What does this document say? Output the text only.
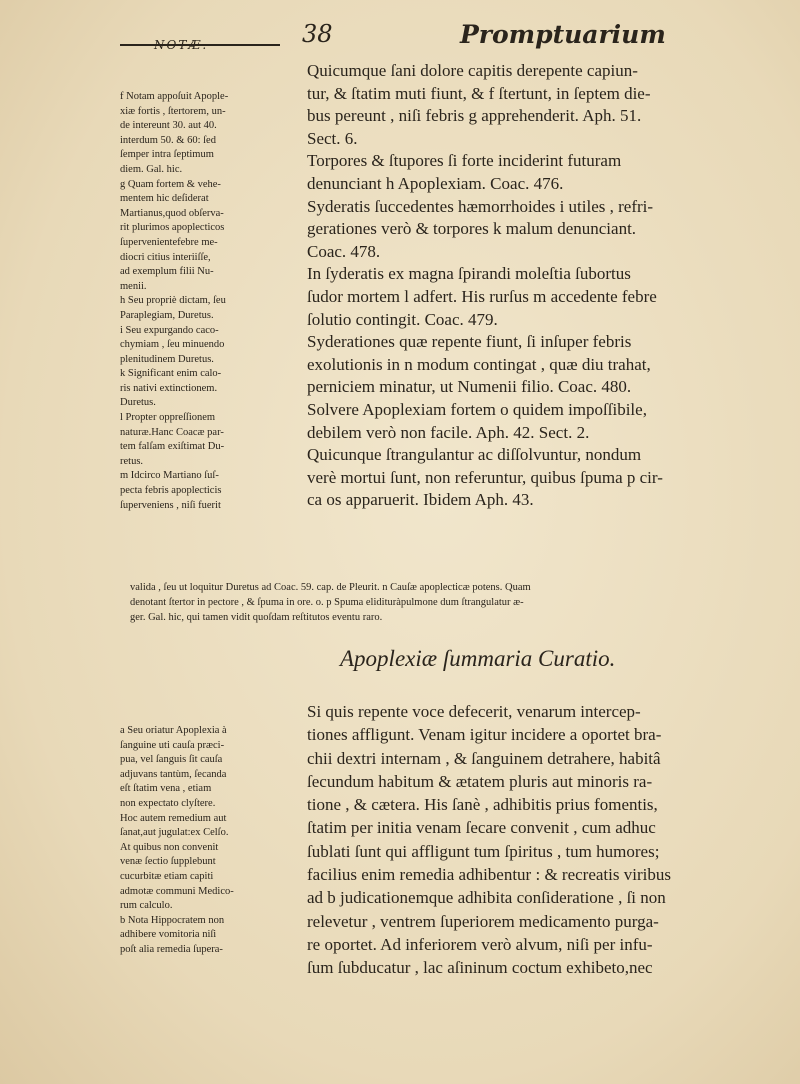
NOTÆ.	38	Promptuarium
f Notam appoſuit Apople-
xiæ fortis , ſtertorem, un-
de intereunt 30. aut 40.
interdum 50. & 60: ſed
ſemper intra ſeptimum
diem. Gal. hic.
g Quam fortem & vehe-
mentem hic deſiderat
Martianus,quod obſerva-
rit plurimos apoplecticos
ſupervenientefebre me-
diocri citius interiiſſe,
ad exemplum filii Nu-
menii.
h Seu propriè dictam, ſeu
Paraplegiam, Duretus.
i Seu expurgando caco-
chymiam , ſeu minuendo
plenitudinem Duretus.
k Significant enim calo-
ris nativi extinctionem.
Duretus.
l Propter oppreſſionem
naturæ.Hanc Coacæ par-
tem falſam exiſtimat Du-
retus.
m Idcirco Martiano ſuſ-
pecta febris apoplecticis
ſuperveniens , niſi fuerit
Quicumque ſani dolore capitis derepente capiun-
tur, & ſtatim muti fiunt, & f ſtertunt, in ſeptem die-
bus pereunt , niſi febris g apprehenderit. Aph. 51.
Sect. 6.
Torpores & ſtupores ſi forte inciderint futuram
denunciant h Apoplexiam. Coac. 476.
Syderatis ſuccedentes hæmorrhoides i utiles , refri-
gerationes verò & torpores k malum denunciant.
Coac. 478.
In ſyderatis ex magna ſpirandi moleſtia ſubortus
ſudor mortem l adfert. His rurſus m accedente febre
ſolutio contingit. Coac. 479.
Syderationes quæ repente fiunt, ſi inſuper febris
exolutionis in n modum contingat , quæ diu trahat,
perniciem minatur, ut Numenii filio. Coac. 480.
Solvere Apoplexiam fortem o quidem impoſſibile,
debilem verò non facile. Aph. 42. Sect. 2.
Quicunque ſtrangulantur ac diſſolvuntur, nondum
verè mortui ſunt, non referuntur, quibus ſpuma p cir-
ca os apparuerit. Ibidem Aph. 43.
valida , ſeu ut loquitur Duretus ad Coac. 59. cap. de Pleurit. n Cauſæ apoplecticæ potens. Quam
denotant ſtertor in pectore , & ſpuma in ore. o. p Spuma elidituràpulmone dum ſtrangulatur æ-
ger. Gal. hic, qui tamen vidit quoſdam reſtitutos eventu raro.
Apoplexiæ ſummaria Curatio.
a Seu oriatur Apoplexia à
ſanguine uti cauſa præci-
pua, vel ſanguis ſit cauſa
adjuvans tantùm, ſecanda
eſt ſtatim vena , etiam
non expectato clyſtere.
Hoc autem remedium aut
ſanat,aut jugulat:ex Celſo.
At quibus non convenit
venæ ſectio ſupplebunt
cucurbitæ etiam capiti
admotæ communi Medico-
rum calculo.
b Nota Hippocratem non
adhibere vomitoria niſi
poſt alia remedia ſupera-
Si quis repente voce defecerit, venarum intercep-
tiones affligunt. Venam igitur incidere a oportet bra-
chii dextri internam , & ſanguinem detrahere, habitâ
ſecundum habitum & ætatem pluris aut minoris ra-
tione , & cætera. His ſanè , adhibitis prius fomentis,
ſtatim per initia venam ſecare convenit , cum adhuc
ſublati ſunt qui affligunt tum ſpiritus , tum humores;
facilius enim remedia adhibentur : & recreatis viribus
ad b judicationemque adhibita conſideratione , ſi non
relevetur , ventrem ſuperiorem medicamento purga-
re oportet. Ad inferiorem verò alvum, niſi per infu-
ſum ſubducatur , lac aſininum coctum exhibeto,nec
